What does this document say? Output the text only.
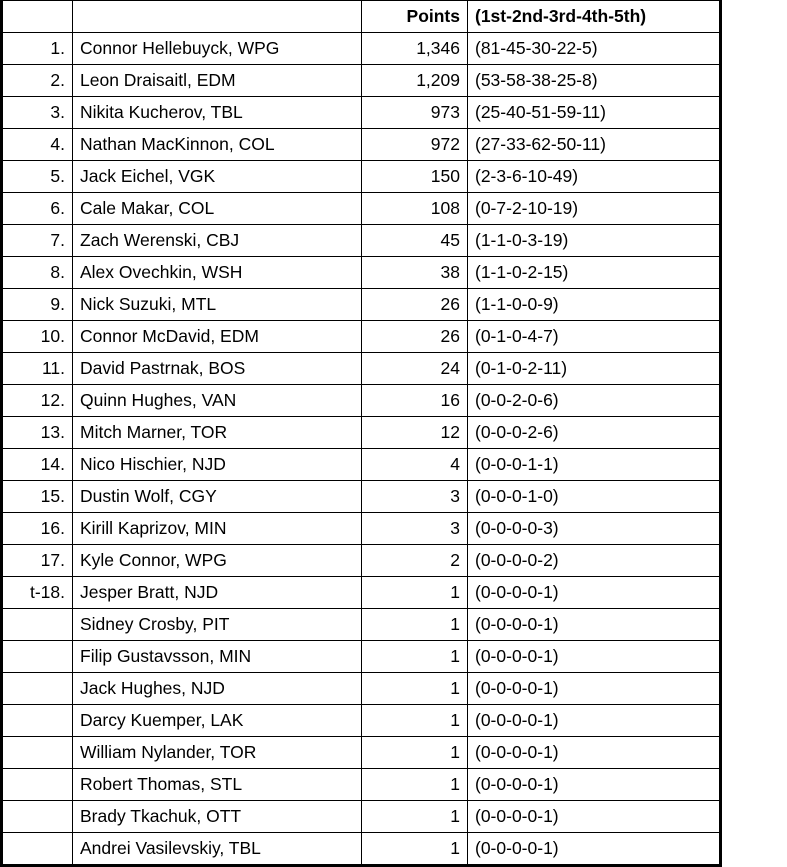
		Points	(1st-2nd-3rd-4th-5th)
1.	Connor Hellebuyck, WPG	1,346	(81-45-30-22-5)
2.	Leon Draisaitl, EDM	1,209	(53-58-38-25-8)
3.	Nikita Kucherov, TBL	973	(25-40-51-59-11)
4.	Nathan MacKinnon, COL	972	(27-33-62-50-11)
5.	Jack Eichel, VGK	150	(2-3-6-10-49)
6.	Cale Makar, COL	108	(0-7-2-10-19)
7.	Zach Werenski, CBJ	45	(1-1-0-3-19)
8.	Alex Ovechkin, WSH	38	(1-1-0-2-15)
9.	Nick Suzuki, MTL	26	(1-1-0-0-9)
10.	Connor McDavid, EDM	26	(0-1-0-4-7)
11.	David Pastrnak, BOS	24	(0-1-0-2-11)
12.	Quinn Hughes, VAN	16	(0-0-2-0-6)
13.	Mitch Marner, TOR	12	(0-0-0-2-6)
14.	Nico Hischier, NJD	4	(0-0-0-1-1)
15.	Dustin Wolf, CGY	3	(0-0-0-1-0)
16.	Kirill Kaprizov, MIN	3	(0-0-0-0-3)
17.	Kyle Connor, WPG	2	(0-0-0-0-2)
t-18.	Jesper Bratt, NJD	1	(0-0-0-0-1)
	Sidney Crosby, PIT	1	(0-0-0-0-1)
	Filip Gustavsson, MIN	1	(0-0-0-0-1)
	Jack Hughes, NJD	1	(0-0-0-0-1)
	Darcy Kuemper, LAK	1	(0-0-0-0-1)
	William Nylander, TOR	1	(0-0-0-0-1)
	Robert Thomas, STL	1	(0-0-0-0-1)
	Brady Tkachuk, OTT	1	(0-0-0-0-1)
	Andrei Vasilevskiy, TBL	1	(0-0-0-0-1)
